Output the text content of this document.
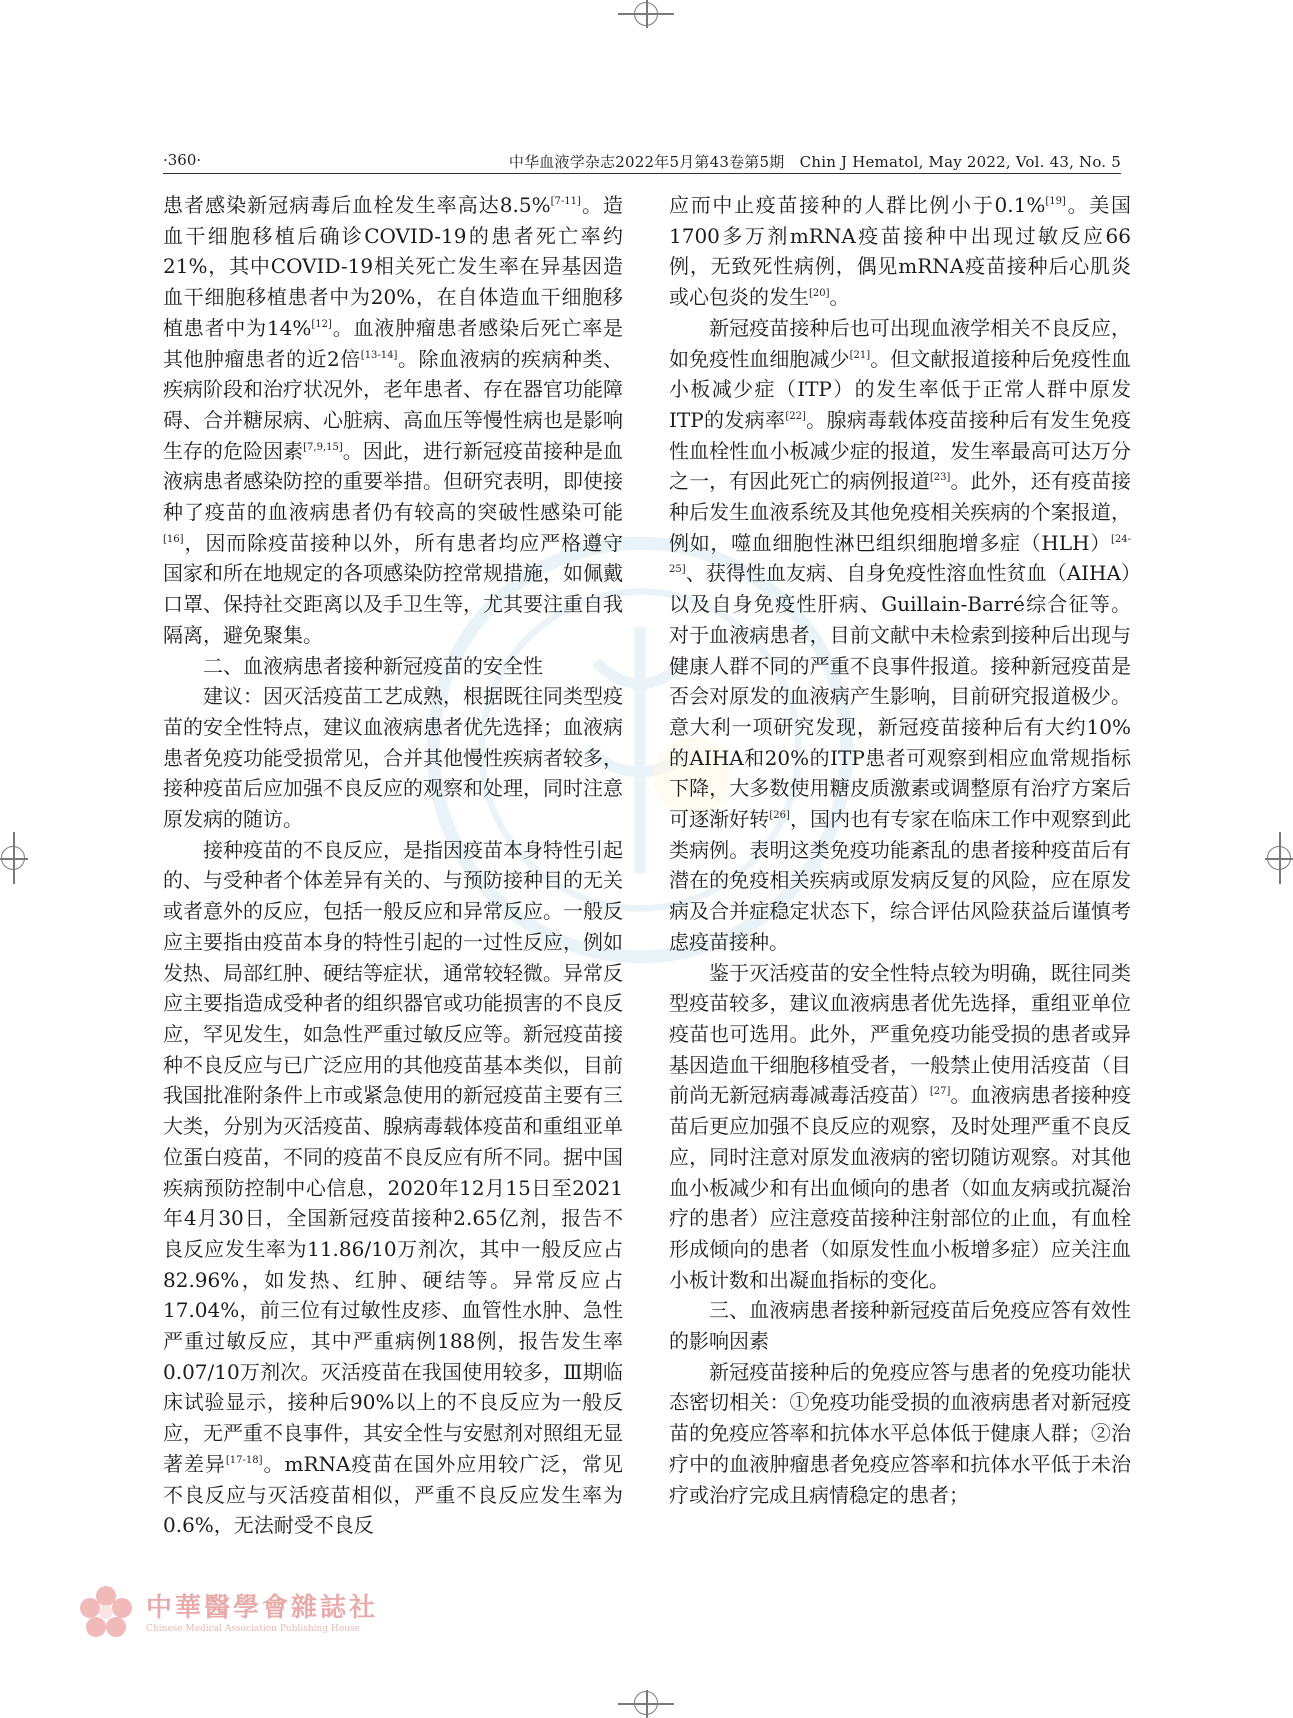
·360·	中华血液学杂志2022年5月第43卷第5期　Chin J Hematol, May 2022, Vol. 43, No. 5

患者感染新冠病毒后血栓发生率高达8.5%[7-11]。造血干细胞移植后确诊COVID-19的患者死亡率约21%，其中COVID-19相关死亡发生率在异基因造血干细胞移植患者中为20%，在自体造血干细胞移植患者中为14%[12]。血液肿瘤患者感染后死亡率是其他肿瘤患者的近2倍[13-14]。除血液病的疾病种类、疾病阶段和治疗状况外，老年患者、存在器官功能障碍、合并糖尿病、心脏病、高血压等慢性病也是影响生存的危险因素[7,9,15]。因此，进行新冠疫苗接种是血液病患者感染防控的重要举措。但研究表明，即使接种了疫苗的血液病患者仍有较高的突破性感染可能[16]，因而除疫苗接种以外，所有患者均应严格遵守国家和所在地规定的各项感染防控常规措施，如佩戴口罩、保持社交距离以及手卫生等，尤其要注重自我隔离，避免聚集。

二、血液病患者接种新冠疫苗的安全性

建议：因灭活疫苗工艺成熟，根据既往同类型疫苗的安全性特点，建议血液病患者优先选择；血液病患者免疫功能受损常见，合并其他慢性疾病者较多，接种疫苗后应加强不良反应的观察和处理，同时注意原发病的随访。

接种疫苗的不良反应，是指因疫苗本身特性引起的、与受种者个体差异有关的、与预防接种目的无关或者意外的反应，包括一般反应和异常反应。一般反应主要指由疫苗本身的特性引起的一过性反应，例如发热、局部红肿、硬结等症状，通常较轻微。异常反应主要指造成受种者的组织器官或功能损害的不良反应，罕见发生，如急性严重过敏反应等。新冠疫苗接种不良反应与已广泛应用的其他疫苗基本类似，目前我国批准附条件上市或紧急使用的新冠疫苗主要有三大类，分别为灭活疫苗、腺病毒载体疫苗和重组亚单位蛋白疫苗，不同的疫苗不良反应有所不同。据中国疾病预防控制中心信息，2020年12月15日至2021年4月30日，全国新冠疫苗接种2.65亿剂，报告不良反应发生率为11.86/10万剂次，其中一般反应占82.96%，如发热、红肿、硬结等。异常反应占17.04%，前三位有过敏性皮疹、血管性水肿、急性严重过敏反应，其中严重病例188例，报告发生率0.07/10万剂次。灭活疫苗在我国使用较多，Ⅲ期临床试验显示，接种后90%以上的不良反应为一般反应，无严重不良事件，其安全性与安慰剂对照组无显著差异[17-18]。mRNA疫苗在国外应用较广泛，常见不良反应与灭活疫苗相似，严重不良反应发生率为0.6%，无法耐受不良反

应而中止疫苗接种的人群比例小于0.1%[19]。美国1700多万剂mRNA疫苗接种中出现过敏反应66例，无致死性病例，偶见mRNA疫苗接种后心肌炎或心包炎的发生[20]。

新冠疫苗接种后也可出现血液学相关不良反应，如免疫性血细胞减少[21]。但文献报道接种后免疫性血小板减少症（ITP）的发生率低于正常人群中原发ITP的发病率[22]。腺病毒载体疫苗接种后有发生免疫性血栓性血小板减少症的报道，发生率最高可达万分之一，有因此死亡的病例报道[23]。此外，还有疫苗接种后发生血液系统及其他免疫相关疾病的个案报道，例如，噬血细胞性淋巴组织细胞增多症（HLH）[24-25]、获得性血友病、自身免疫性溶血性贫血（AIHA）以及自身免疫性肝病、Guillain-Barré综合征等。对于血液病患者，目前文献中未检索到接种后出现与健康人群不同的严重不良事件报道。接种新冠疫苗是否会对原发的血液病产生影响，目前研究报道极少。意大利一项研究发现，新冠疫苗接种后有大约10%的AIHA和20%的ITP患者可观察到相应血常规指标下降，大多数使用糖皮质激素或调整原有治疗方案后可逐渐好转[26]，国内也有专家在临床工作中观察到此类病例。表明这类免疫功能紊乱的患者接种疫苗后有潜在的免疫相关疾病或原发病反复的风险，应在原发病及合并症稳定状态下，综合评估风险获益后谨慎考虑疫苗接种。

鉴于灭活疫苗的安全性特点较为明确，既往同类型疫苗较多，建议血液病患者优先选择，重组亚单位疫苗也可选用。此外，严重免疫功能受损的患者或异基因造血干细胞移植受者，一般禁止使用活疫苗（目前尚无新冠病毒减毒活疫苗）[27]。血液病患者接种疫苗后更应加强不良反应的观察，及时处理严重不良反应，同时注意对原发血液病的密切随访观察。对其他血小板减少和有出血倾向的患者（如血友病或抗凝治疗的患者）应注意疫苗接种注射部位的止血，有血栓形成倾向的患者（如原发性血小板增多症）应关注血小板计数和出凝血指标的变化。

三、血液病患者接种新冠疫苗后免疫应答有效性的影响因素

新冠疫苗接种后的免疫应答与患者的免疫功能状态密切相关：①免疫功能受损的血液病患者对新冠疫苗的免疫应答率和抗体水平总体低于健康人群；②治疗中的血液肿瘤患者免疫应答率和抗体水平低于未治疗或治疗完成且病情稳定的患者；

中華醫學會雜誌社
Chinese Medical Association Publishing House
